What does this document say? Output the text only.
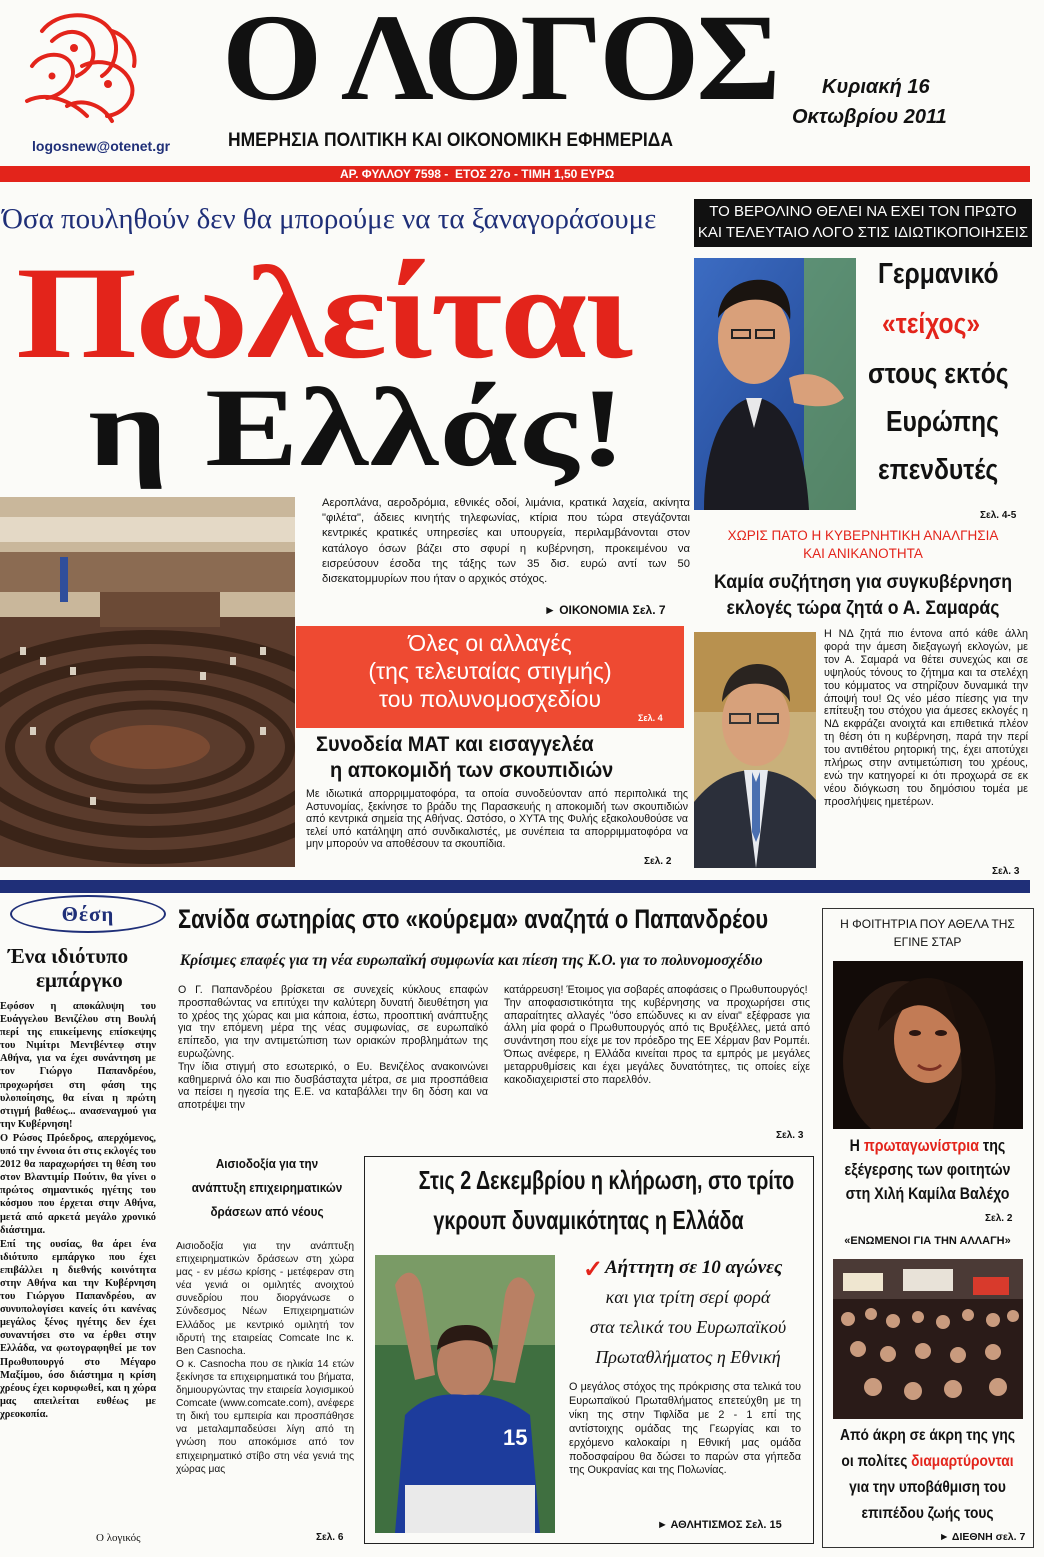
logosnew@otenet.gr
Ο ΛΟΓΟΣ
ΗΜΕΡΗΣΙΑ ΠΟΛΙΤΙΚΗ ΚΑΙ ΟΙΚΟΝΟΜΙΚΗ ΕΦΗΜΕΡΙΔΑ
Κυριακή 16
Οκτωβρίου 2011
ΑΡ. ΦΥΛΛΟΥ 7598 -  ΕΤΟΣ 27ο - ΤΙΜΗ 1,50 ΕΥΡΩ
Όσα πουληθούν δεν θα μπορούμε να τα ξαναγοράσουμε
Πωλείται
η Ελλάς!

Αεροπλάνα, αεροδρόμια, εθνικές οδοί, λιμάνια, κρατικά λαχεία, ακίνητα "φιλέτα", άδειες κινητής τηλεφωνίας, κτίρια που τώρα στεγάζονται κεντρικές κρατικές υπηρεσίες και υπουργεία, περιλαμβάνονται στον κατάλογο όσων βάζει στο σφυρί η κυβέρνηση, προκειμένου να εισρεύσουν έσοδα της τάξης των 35 δισ. ευρώ αντί των 50 δισεκατομμυρίων που ήταν ο αρχικός στόχος.

► ΟΙΚΟΝΟΜΙΑ Σελ. 7
Όλες οι αλλαγές
(της τελευταίας στιγμής)
του πολυνομοσχεδίου
Σελ. 4
Συνοδεία ΜΑΤ και εισαγγελέα
η αποκομιδή των σκουπιδιών

Με ιδιωτικά απορριμματοφόρα, τα οποία συνοδεύονταν από περιπολικά της Αστυνομίας, ξεκίνησε το βράδυ της Παρασκευής η αποκομιδή των σκουπιδιών από κεντρικά σημεία της Αθήνας. Ωστόσο, ο ΧΥΤΑ της Φυλής εξακολουθούσε να τελεί υπό κατάληψη από συνδικαλιστές, με συνέπεια τα απορριμματοφόρα να μην μπορούν να αποθέσουν τα σκουπίδια.

Σελ. 2
ΤΟ ΒΕΡΟΛΙΝΟ ΘΕΛΕΙ ΝΑ ΕΧΕΙ ΤΟΝ ΠΡΩΤΟ
ΚΑΙ ΤΕΛΕΥΤΑΙΟ ΛΟΓΟ ΣΤΙΣ ΙΔΙΩΤΙΚΟΠΟΙΗΣΕΙΣ
Γερμανικό
«τείχος»
στους εκτός
Ευρώπης
επενδυτές
Σελ. 4-5
ΧΩΡΙΣ ΠΑΤΟ Η ΚΥΒΕΡΝΗΤΙΚΗ ΑΝΑΛΓΗΣΙΑ
ΚΑΙ ΑΝΙΚΑΝΟΤΗΤΑ
Καμία συζήτηση για συγκυβέρνηση
εκλογές τώρα ζητά ο Α. Σαμαράς

Η ΝΔ ζητά πιο έντονα από κάθε άλλη φορά την άμεση διεξαγωγή εκλογών, με τον Α. Σαμαρά να θέτει συνεχώς και σε υψηλούς τόνους το ζήτημα και τα στελέχη του κόμματος να στηρίζουν δυναμικά την άποψή του! Ως νέο μέσο πίεσης για την επίτευξη του στόχου για άμεσες εκλογές η ΝΔ εκφράζει ανοιχτά και επιθετικά πλέον τη θέση ότι η κυβέρνηση, παρά την περί του αντιθέτου ρητορική της, έχει αποτύχει πλήρως στην αντιμετώπιση του χρέους, ενώ την κατηγορεί κι ότι προχωρά σε εκ νέου διόγκωση του δημόσιου τομέα με προσλήψεις ημετέρων.

Σελ. 3
Θέση
Ένα ιδιότυπο
εμπάργκο

Εφόσον η αποκάλυψη του Ευάγγελου Βενιζέλου στη Βουλή περί της επικείμενης επίσκεψης του Νιμίτρι Μεντβέντεφ στην Αθήνα, για να έχει συνάντηση με τον Γιώργο Παπανδρέου, προχωρήσει στη φάση της υλοποίησης, θα είναι η πρώτη στιγμή βαθέως... ανασεναγμού για την Κυβέρνηση!

Ο Ρώσος Πρόεδρος, απερχόμενος, υπό την έννοια ότι στις εκλογές του 2012 θα παραχωρήσει τη θέση του στον Βλαντιμίρ Πούτιν, θα γίνει ο πρώτος σημαντικός ηγέτης του κόσμου που έρχεται στην Αθήνα, μετά από αρκετά μεγάλο χρονικό διάστημα.

Επί της ουσίας, θα άρει ένα ιδιότυπο εμπάργκο που έχει επιβάλλει η διεθνής κοινότητα στην Αθήνα και την Κυβέρνηση του Γιώργου Παπανδρέου, αν συνυπολογίσει κανείς ότι κανένας μεγάλος ξένος ηγέτης δεν έχει συναντήσει στο να έρθει στην Ελλάδα, να φωτογραφηθεί με τον Πρωθυπουργό στο Μέγαρο Μαξίμου, όσο διάστημα η κρίση χρέους έχει κορυφωθεί, και η χώρα μας απειλείται ευθέως με χρεοκοπία.

Ο λογικός
Σανίδα σωτηρίας στο «κούρεμα» αναζητά ο Παπανδρέου
Κρίσιμες επαφές για τη νέα ευρωπαϊκή συμφωνία και πίεση της Κ.Ο. για το πολυνομοσχέδιο

Ο Γ. Παπανδρέου βρίσκεται σε συνεχείς κύκλους επαφών προσπαθώντας να επιτύχει την καλύτερη δυνατή διευθέτηση για το χρέος της χώρας και μια κάποια, έστω, προοπτική ανάπτυξης για την επόμενη μέρα της νέας συμφωνίας, σε ευρωπαϊκό επίπεδο, για την αντιμετώπιση των οριακών προβλημάτων της ευρωζώνης.

Την ίδια στιγμή στο εσωτερικό, ο Ευ. Βενιζέλος ανακοινώνει καθημερινά όλο και πιο δυσβάσταχτα μέτρα, σε μια προσπάθεια να πείσει η ηγεσία της Ε.Ε. να καταβάλλει την 6η δόση και να αποτρέψει την

κατάρρευση! Έτοιμος για σοβαρές αποφάσεις ο Πρωθυπουργός!

Την αποφασιστικότητα της κυβέρνησης να προχωρήσει στις απαραίτητες αλλαγές "όσο επώδυνες κι αν είναι" εξέφρασε για άλλη μία φορά ο Πρωθυπουργός από τις Βρυξέλλες, μετά από συνάντηση που είχε με τον πρόεδρο της ΕΕ Χέρμαν βαν Ρομπέι. Όπως ανέφερε, η Ελλάδα κινείται προς τα εμπρός με μεγάλες μεταρρυθμίσεις και έχει μεγάλες δυνατότητες, τις οποίες είχε κακοδιαχειριστεί στο παρελθόν.

Σελ. 3
Αισιοδοξία για την
ανάπτυξη επιχειρηματικών
δράσεων από νέους

Αισιοδοξία για την ανάπτυξη επιχειρηματικών δράσεων στη χώρα μας - εν μέσω κρίσης - μετέφεραν στη νέα γενιά οι ομιλητές ανοιχτού συνεδρίου που διοργάνωσε ο Σύνδεσμος Νέων Επιχειρηματιών Ελλάδος με κεντρικό ομιλητή τον ιδρυτή της εταιρείας Comcate Inc κ. Ben Casnocha.

Ο κ. Casnocha που σε ηλικία 14 ετών ξεκίνησε τα επιχειρηματικά του βήματα, δημιουργώντας την εταιρεία λογισμικού Comcate (www.comcate.com), ανέφερε τη δική του εμπειρία και προσπάθησε να μεταλαμπαδεύσει λίγη από τη γνώση που αποκόμισε από τον επιχειρηματικό στίβο στη νέα γενιά της χώρας μας

Σελ. 6
Στις 2 Δεκεμβρίου η κλήρωση, στο τρίτο
γκρουπ δυναμικότητας η Ελλάδα
15
✓ Αήττητη σε 10 αγώνες
και για τρίτη σερί φορά
στα τελικά του Ευρωπαϊκού
Πρωταθλήματος η Εθνική

Ο μεγάλος στόχος της πρόκρισης στα τελικά του Ευρωπαϊκού Πρωταθλήματος επετεύχθη με τη νίκη της στην Τιφλίδα με 2 - 1 επί της αντίστοιχης ομάδας της Γεωργίας και το ερχόμενο καλοκαίρι η Εθνική μας ομάδα ποδοσφαίρου θα δώσει το παρών στα γήπεδα της Ουκρανίας και της Πολωνίας.

► ΑΘΛΗΤΙΣΜΟΣ Σελ. 15
Η ΦΟΙΤΗΤΡΙΑ ΠΟΥ ΑΘΕΛΑ ΤΗΣ
ΕΓΙΝΕ ΣΤΑΡ
Η πρωταγωνίστρια της
εξέγερσης των φοιτητών
στη Χιλή Καμίλα Βαλέχο
Σελ. 2
«ΕΝΩΜΕΝΟΙ ΓΙΑ ΤΗΝ ΑΛΛΑΓΗ»
Από άκρη σε άκρη της γης
οι πολίτες διαμαρτύρονται
για την υποβάθμιση του
επιπέδου ζωής τους
► ΔΙΕΘΝΗ σελ. 7
